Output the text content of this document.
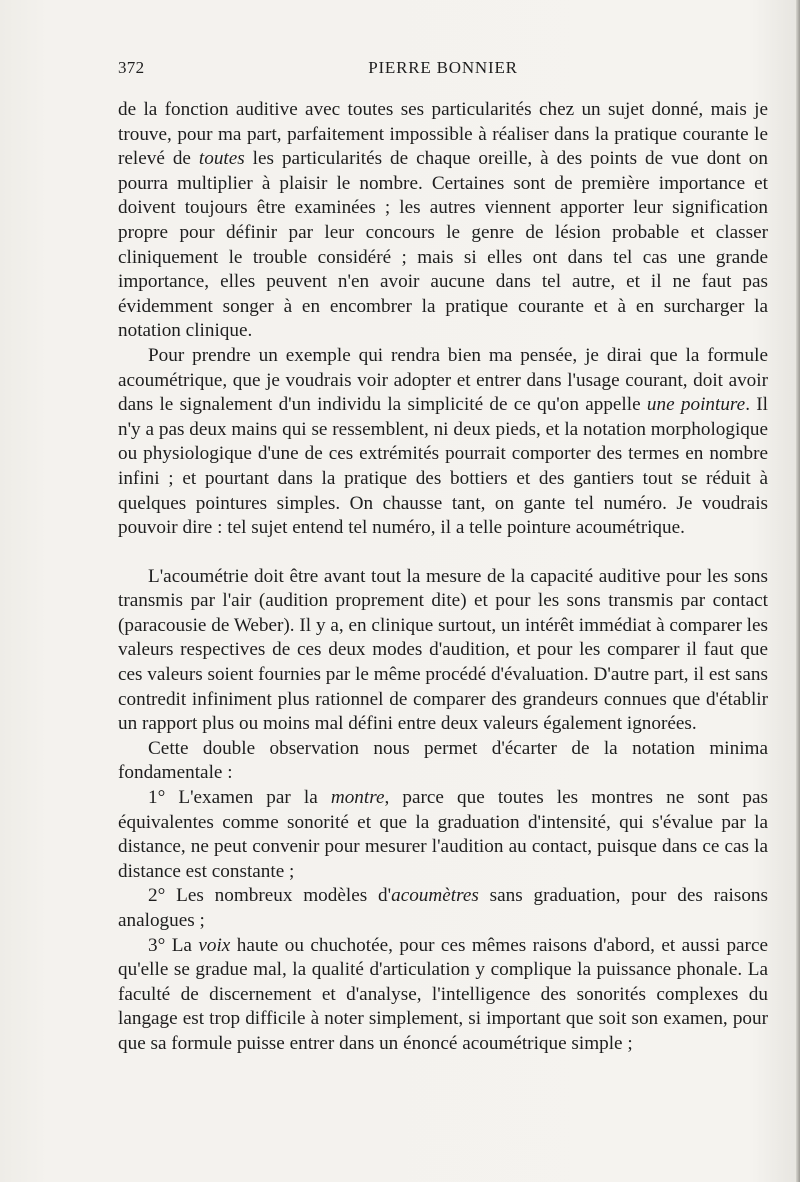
372	PIERRE BONNIER

de la fonction auditive avec toutes ses particularités chez un sujet donné, mais je trouve, pour ma part, parfaitement impossible à réaliser dans la pratique courante le relevé de toutes les particularités de chaque oreille, à des points de vue dont on pourra multiplier à plaisir le nombre. Certaines sont de première importance et doivent toujours être examinées ; les autres viennent apporter leur signification propre pour définir par leur concours le genre de lésion probable et classer cliniquement le trouble considéré ; mais si elles ont dans tel cas une grande importance, elles peuvent n'en avoir aucune dans tel autre, et il ne faut pas évidemment songer à en encombrer la pratique courante et à en surcharger la notation clinique.

Pour prendre un exemple qui rendra bien ma pensée, je dirai que la formule acoumétrique, que je voudrais voir adopter et entrer dans l'usage courant, doit avoir dans le signalement d'un individu la simplicité de ce qu'on appelle une pointure. Il n'y a pas deux mains qui se ressemblent, ni deux pieds, et la notation morphologique ou physiologique d'une de ces extrémités pourrait comporter des termes en nombre infini ; et pourtant dans la pratique des bottiers et des gantiers tout se réduit à quelques pointures simples. On chausse tant, on gante tel numéro. Je voudrais pouvoir dire : tel sujet entend tel numéro, il a telle pointure acoumétrique.

L'acoumétrie doit être avant tout la mesure de la capacité auditive pour les sons transmis par l'air (audition proprement dite) et pour les sons transmis par contact (paracousie de Weber). Il y a, en clinique surtout, un intérêt immédiat à comparer les valeurs respectives de ces deux modes d'audition, et pour les comparer il faut que ces valeurs soient fournies par le même procédé d'évaluation. D'autre part, il est sans contredit infiniment plus rationnel de comparer des grandeurs connues que d'établir un rapport plus ou moins mal défini entre deux valeurs également ignorées.

Cette double observation nous permet d'écarter de la notation minima fondamentale :

1° L'examen par la montre, parce que toutes les montres ne sont pas équivalentes comme sonorité et que la graduation d'intensité, qui s'évalue par la distance, ne peut convenir pour mesurer l'audition au contact, puisque dans ce cas la distance est constante ;

2° Les nombreux modèles d'acoumètres sans graduation, pour des raisons analogues ;

3° La voix haute ou chuchotée, pour ces mêmes raisons d'abord, et aussi parce qu'elle se gradue mal, la qualité d'articulation y complique la puissance phonale. La faculté de discernement et d'analyse, l'intelligence des sonorités complexes du langage est trop difficile à noter simplement, si important que soit son examen, pour que sa formule puisse entrer dans un énoncé acoumétrique simple ;
